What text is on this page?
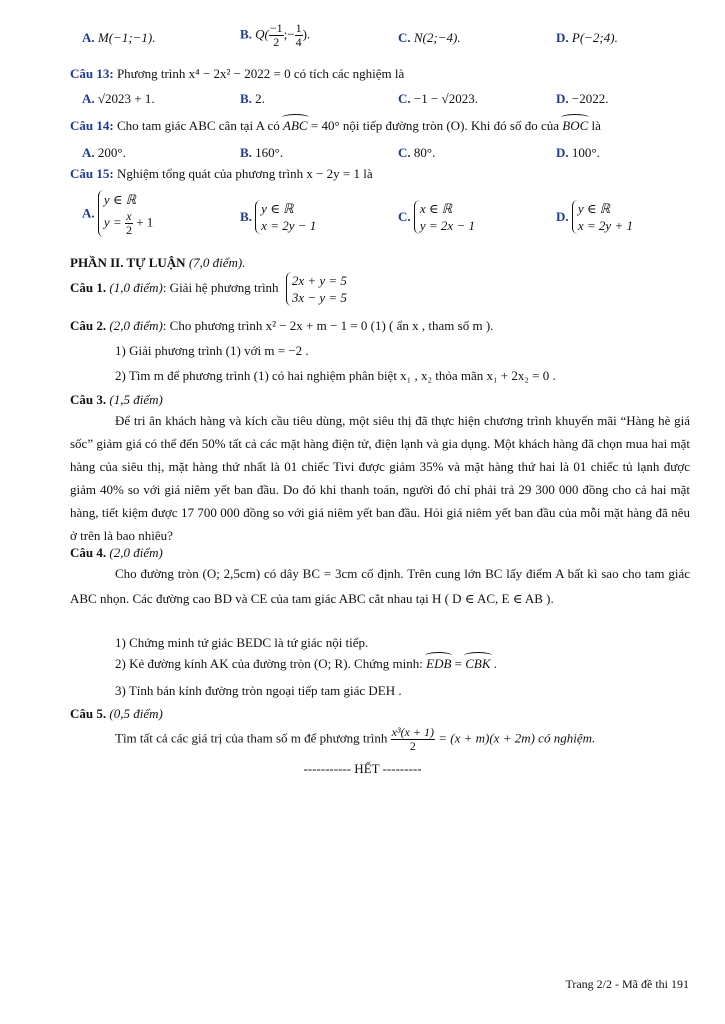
A. M(−1;−1).	B. $Q( \frac{-1}{2}$ ;− $\frac{1}{4}$ ).	C. N(2;−4).	D. P(−2;4).
Câu 13: Phương trình x⁴ − 2x² − 2022 = 0 có tích các nghiệm là
A. √2023 + 1.	B. 2.	C. −1 − √2023.	D. −2022.
Câu 14: Cho tam giác ABC cân tại A có ABC = 40° nội tiếp đường tròn (O). Khi đó số đo của BOC là
A. 200°.	B. 160°.	C. 80°.	D. 100°.
Câu 15: Nghiệm tổng quát của phương trình x − 2y = 1 là
A. y ∈ ℝ
$y = \frac{x}{2} + 1$	B. y ∈ ℝ
x = 2y − 1
C. x ∈ ℝ
y = 2x − 1
D. y ∈ ℝ
x = 2y + 1
PHẦN II. TỰ LUẬN (7,0 điểm).
Câu 1. (1,0 điểm): Giải hệ phương trình 2x + y = 5
3x − y = 5
Câu 2. (2,0 điểm): Cho phương trình x² − 2x + m − 1 = 0 (1) ( ẩn x , tham số m ).
1) Giải phương trình (1) với m = −2 .
2) Tìm m để phương trình (1) có hai nghiệm phân biệt x₁ , x₂ thỏa mãn x₁ + 2x₂ = 0 .
Câu 3. (1,5 điểm)
Để tri ân khách hàng và kích cầu tiêu dùng, một siêu thị đã thực hiện chương trình khuyến mãi “Hàng hè giá sốc” giảm giá có thể đến 50% tất cả các mặt hàng điện tử, điện lạnh và gia dụng. Một khách hàng đã chọn mua hai mặt hàng của siêu thị, mặt hàng thứ nhất là 01 chiếc Tivi được giảm 35% và mặt hàng thứ hai là 01 chiếc tủ lạnh được giảm 40% so với giá niêm yết ban đầu. Do đó khi thanh toán, người đó chỉ phải trả 29 300 000 đồng cho cả hai mặt hàng, tiết kiệm được 17 700 000 đồng so với giá niêm yết ban đầu. Hỏi giá niêm yết ban đầu của mỗi mặt hàng đã nêu ở trên là bao nhiêu?
Câu 4. (2,0 điểm)
Cho đường tròn (O; 2,5cm) có dây BC = 3cm cố định. Trên cung lớn BC lấy điểm A bất kì sao cho tam giác ABC nhọn. Các đường cao BD và CE của tam giác ABC cắt nhau tại H ( D ∈ AC, E ∈ AB ).
1) Chứng minh tứ giác BEDC là tứ giác nội tiếp.
2) Kẻ đường kính AK của đường tròn (O; R). Chứng minh: EDB = CBK .
3) Tính bán kính đường tròn ngoại tiếp tam giác DEH .
Câu 5. (0,5 điểm)
Tìm tất cả các giá trị của tham số m để phương trình $\frac{\text{x³(x + 1)}}{2} = (x + m)(x + 2m)$ có nghiệm.
----------- HẾT ---------
Trang 2/2 - Mã đề thi 191
